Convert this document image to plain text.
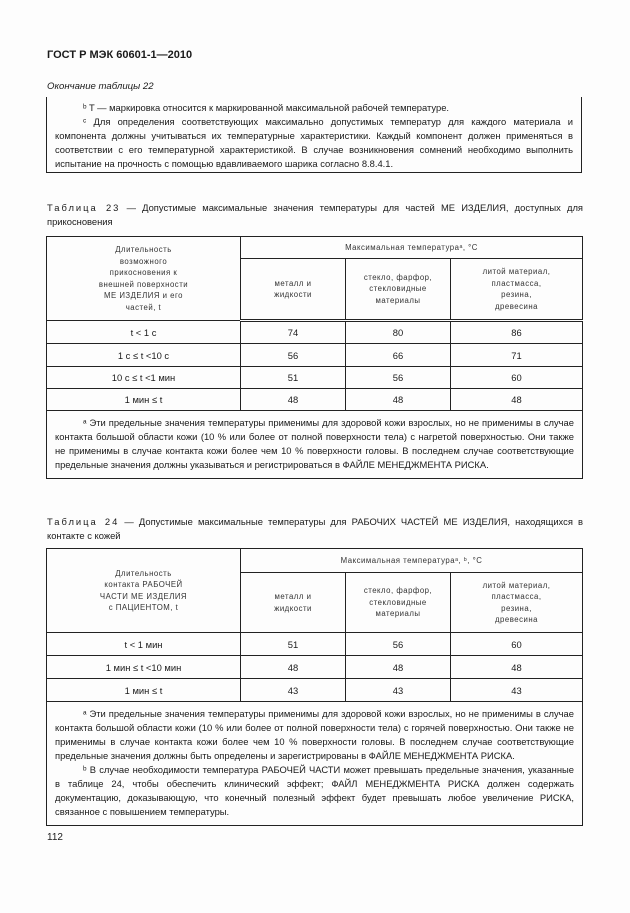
ГОСТ Р МЭК 60601-1—2010
Окончание таблицы 22

ᵇ T — маркировка относится к маркированной максимальной рабочей температуре.

ᶜ Для определения соответствующих максимально допустимых температур для каждого материала и компонента должны учитываться их температурные характеристики. Каждый компонент должен применяться в соответствии с его температурной характеристикой. В случае возникновения сомнений необходимо выполнить испытание на прочность с помощью вдавливаемого шарика согласно 8.8.4.1.

Таблица 23 — Допустимые максимальные значения температуры для частей МЕ ИЗДЕЛИЯ, доступных для прикосновения
Длительность возможного прикосновения к внешней поверхности МЕ ИЗДЕЛИЯ и его частей, t	Максимальная температураᵃ, °С		
	металл и жидкости	стекло, фарфор, стекловидные материалы	литой материал, пластмасса, резина, древесина
t < 1 с	74	80	86
1 с ≤ t <10 с	56	66	71
10 с ≤ t <1 мин	51	56	60
1 мин ≤ t	48	48	48

ᵃ Эти предельные значения температуры применимы для здоровой кожи взрослых, но не применимы в случае контакта большой области кожи (10 % или более от полной поверхности тела) с нагретой поверхностью. Они также не применимы в случае контакта кожи более чем 10 % поверхности головы. В последнем случае соответствующие предельные значения должны указываться и регистрироваться в ФАЙЛЕ МЕНЕДЖМЕНТА РИСКА.			

Таблица 24 — Допустимые максимальные температуры для РАБОЧИХ ЧАСТЕЙ МЕ ИЗДЕЛИЯ, находящихся в контакте с кожей
Длительность контакта РАБОЧЕЙ ЧАСТИ МЕ ИЗДЕЛИЯ с ПАЦИЕНТОМ, t	Максимальная температураᵃ, ᵇ, °С		
	металл и жидкости	стекло, фарфор, стекловидные материалы	литой материал, пластмасса, резина, древесина
t < 1 мин	51	56	60
1 мин ≤ t <10 мин	48	48	48
1 мин ≤ t	43	43	43

ᵃ Эти предельные значения температуры применимы для здоровой кожи взрослых, но не применимы в случае контакта большой области кожи (10 % или более от полной поверхности тела) с горячей поверхностью. Они также не применимы в случае контакта кожи более чем 10 % поверхности головы. В последнем случае соответствующие предельные значения должны быть определены и зарегистрированы в ФАЙЛЕ МЕНЕДЖМЕНТА РИСКА.

ᵇ В случае необходимости температура РАБОЧЕЙ ЧАСТИ может превышать предельные значения, указанные в таблице 24, чтобы обеспечить клинический эффект; ФАЙЛ МЕНЕДЖМЕНТА РИСКА должен содержать документацию, доказывающую, что конечный полезный эффект будет превышать любое увеличение РИСКА, связанное с повышением температуры.			

112
